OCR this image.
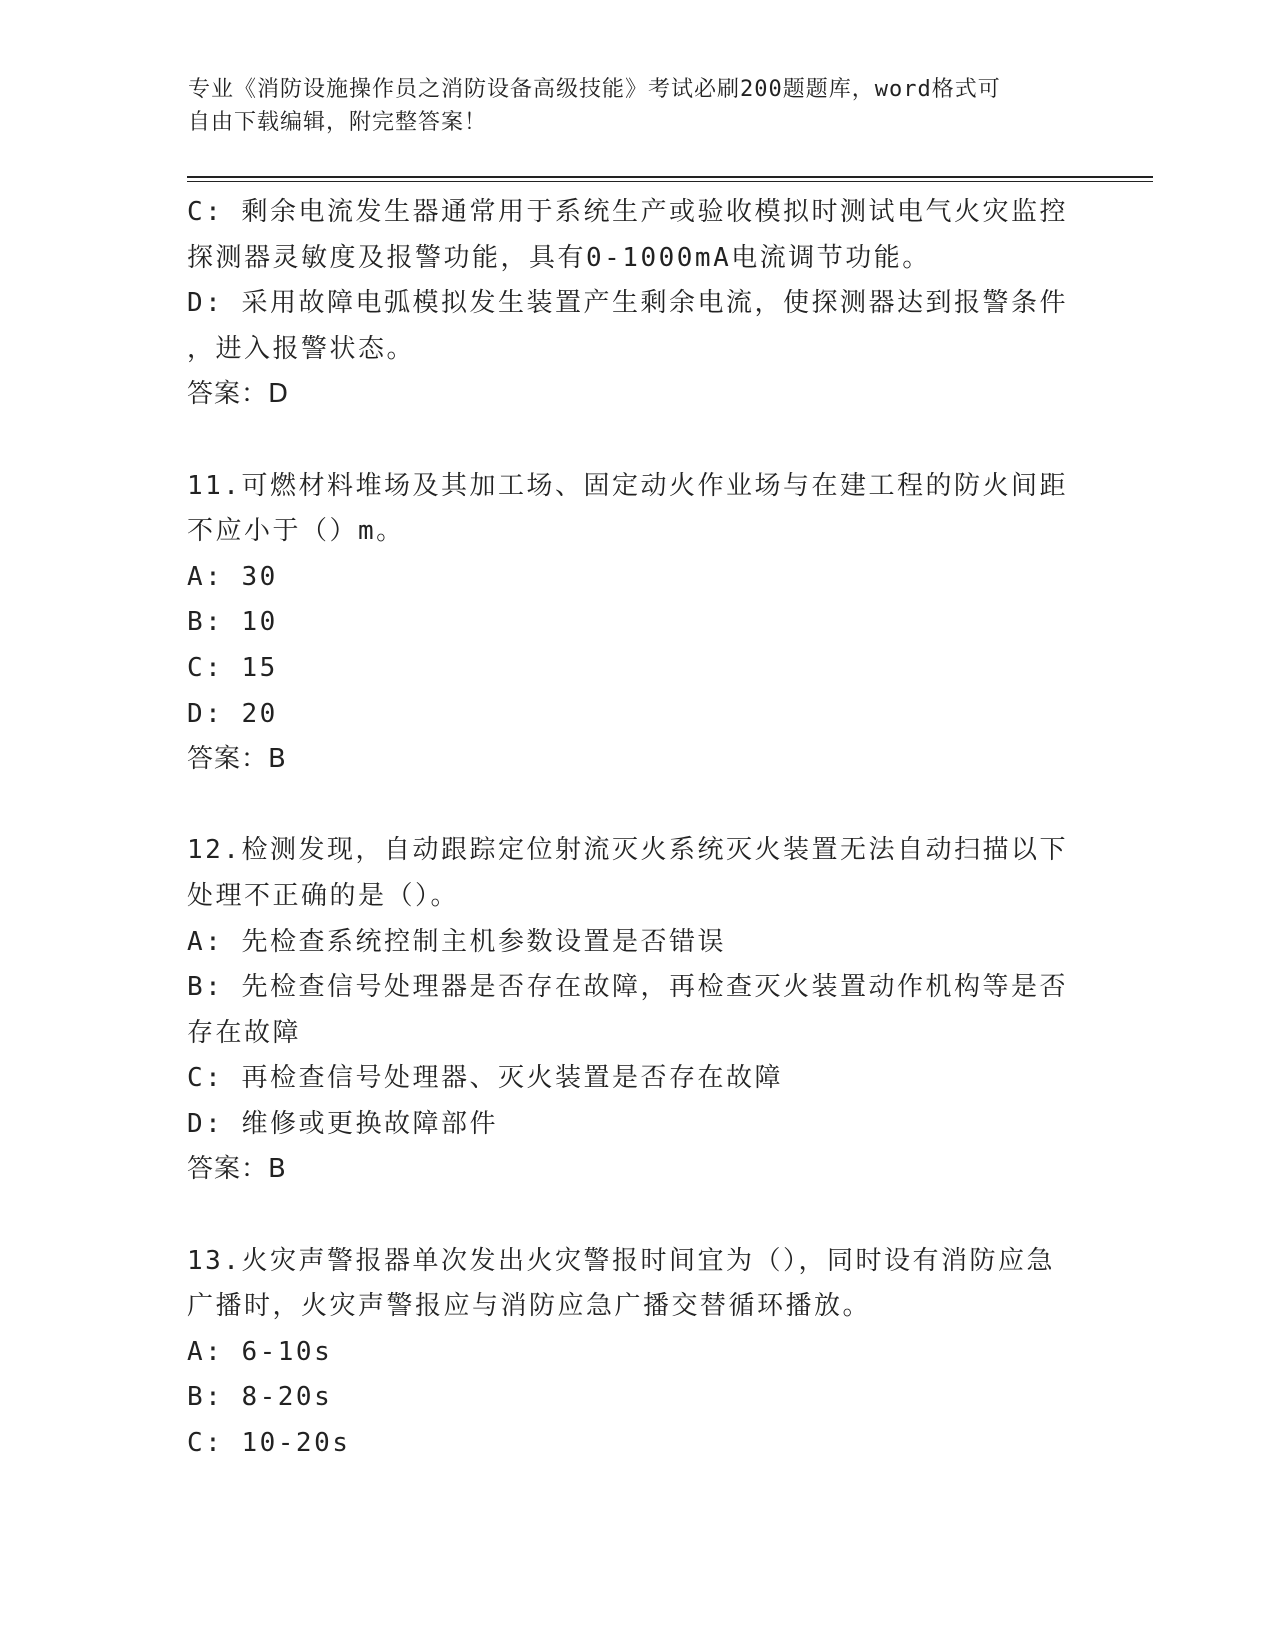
专业《消防设施操作员之消防设备高级技能》考试必刷200题题库，word格式可
自由下载编辑，附完整答案！
C: 剩余电流发生器通常用于系统生产或验收模拟时测试电气火灾监控
探测器灵敏度及报警功能，具有0-1000mA电流调节功能。
D: 采用故障电弧模拟发生装置产生剩余电流，使探测器达到报警条件
，进入报警状态。
答案：D
11.可燃材料堆场及其加工场、固定动火作业场与在建工程的防火间距
不应小于（）m。
A: 30
B: 10
C: 15
D: 20
答案：B
12.检测发现，自动跟踪定位射流灭火系统灭火装置无法自动扫描以下
处理不正确的是（）。
A: 先检查系统控制主机参数设置是否错误
B: 先检查信号处理器是否存在故障，再检查灭火装置动作机构等是否
存在故障
C: 再检查信号处理器、灭火装置是否存在故障
D: 维修或更换故障部件
答案：B
13.火灾声警报器单次发出火灾警报时间宜为（），同时设有消防应急
广播时，火灾声警报应与消防应急广播交替循环播放。
A: 6-10s
B: 8-20s
C: 10-20s
